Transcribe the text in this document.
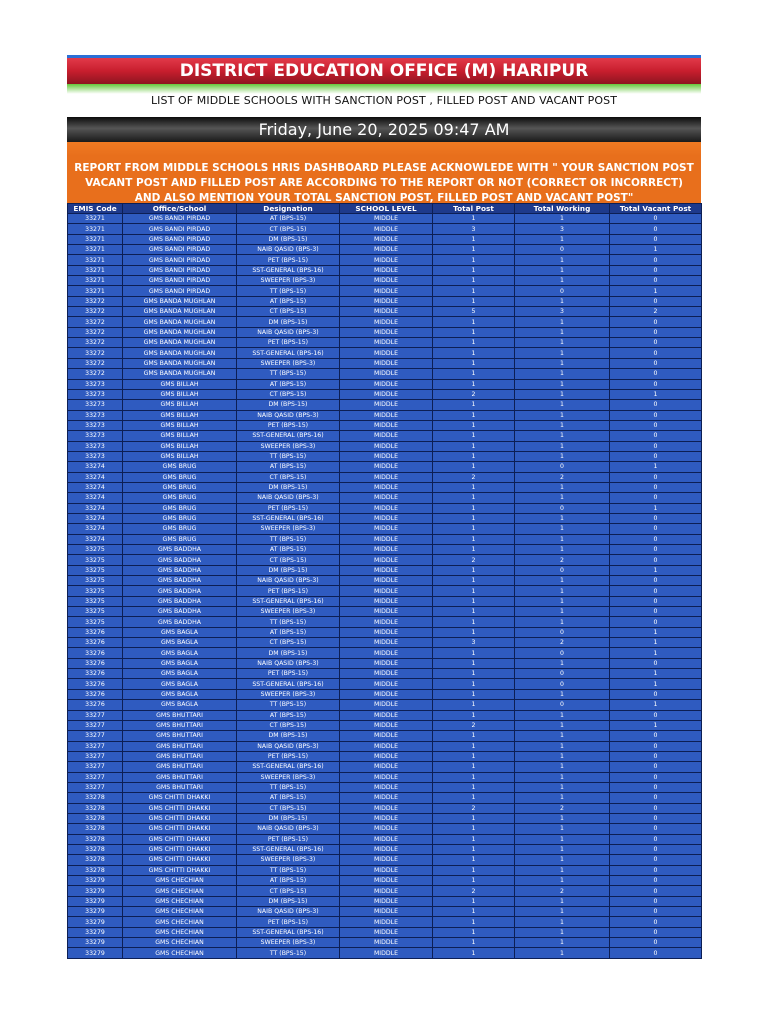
DISTRICT EDUCATION OFFICE (M) HARIPUR
LIST OF MIDDLE SCHOOLS WITH SANCTION POST , FILLED POST AND VACANT POST
Friday, June 20, 2025 09:47 AM
REPORT FROM MIDDLE SCHOOLS HRIS DASHBOARD PLEASE ACKNOWLEDE WITH " YOUR SANCTION POST VACANT POST AND FILLED POST ARE ACCORDING TO THE REPORT OR NOT (CORRECT OR INCORRECT) AND ALSO MENTION YOUR TOTAL SANCTION POST, FILLED POST AND VACANT POST"
EMIS Code	Office/School	Designation	SCHOOL LEVEL	Total Post	Total Working	Total Vacant Post
33271	GMS BANDI PIRDAD	AT (BPS-15)	MIDDLE	1	1	0
33271	GMS BANDI PIRDAD	CT (BPS-15)	MIDDLE	3	3	0
33271	GMS BANDI PIRDAD	DM (BPS-15)	MIDDLE	1	1	0
33271	GMS BANDI PIRDAD	NAIB QASID (BPS-3)	MIDDLE	1	0	1
33271	GMS BANDI PIRDAD	PET (BPS-15)	MIDDLE	1	1	0
33271	GMS BANDI PIRDAD	SST-GENERAL (BPS-16)	MIDDLE	1	1	0
33271	GMS BANDI PIRDAD	SWEEPER (BPS-3)	MIDDLE	1	1	0
33271	GMS BANDI PIRDAD	TT (BPS-15)	MIDDLE	1	0	1
33272	GMS BANDA MUGHLAN	AT (BPS-15)	MIDDLE	1	1	0
33272	GMS BANDA MUGHLAN	CT (BPS-15)	MIDDLE	5	3	2
33272	GMS BANDA MUGHLAN	DM (BPS-15)	MIDDLE	1	1	0
33272	GMS BANDA MUGHLAN	NAIB QASID (BPS-3)	MIDDLE	1	1	0
33272	GMS BANDA MUGHLAN	PET (BPS-15)	MIDDLE	1	1	0
33272	GMS BANDA MUGHLAN	SST-GENERAL (BPS-16)	MIDDLE	1	1	0
33272	GMS BANDA MUGHLAN	SWEEPER (BPS-3)	MIDDLE	1	1	0
33272	GMS BANDA MUGHLAN	TT (BPS-15)	MIDDLE	1	1	0
33273	GMS BILLAH	AT (BPS-15)	MIDDLE	1	1	0
33273	GMS BILLAH	CT (BPS-15)	MIDDLE	2	1	1
33273	GMS BILLAH	DM (BPS-15)	MIDDLE	1	1	0
33273	GMS BILLAH	NAIB QASID (BPS-3)	MIDDLE	1	1	0
33273	GMS BILLAH	PET (BPS-15)	MIDDLE	1	1	0
33273	GMS BILLAH	SST-GENERAL (BPS-16)	MIDDLE	1	1	0
33273	GMS BILLAH	SWEEPER (BPS-3)	MIDDLE	1	1	0
33273	GMS BILLAH	TT (BPS-15)	MIDDLE	1	1	0
33274	GMS BRUG	AT (BPS-15)	MIDDLE	1	0	1
33274	GMS BRUG	CT (BPS-15)	MIDDLE	2	2	0
33274	GMS BRUG	DM (BPS-15)	MIDDLE	1	1	0
33274	GMS BRUG	NAIB QASID (BPS-3)	MIDDLE	1	1	0
33274	GMS BRUG	PET (BPS-15)	MIDDLE	1	0	1
33274	GMS BRUG	SST-GENERAL (BPS-16)	MIDDLE	1	1	0
33274	GMS BRUG	SWEEPER (BPS-3)	MIDDLE	1	1	0
33274	GMS BRUG	TT (BPS-15)	MIDDLE	1	1	0
33275	GMS BADDHA	AT (BPS-15)	MIDDLE	1	1	0
33275	GMS BADDHA	CT (BPS-15)	MIDDLE	2	2	0
33275	GMS BADDHA	DM (BPS-15)	MIDDLE	1	0	1
33275	GMS BADDHA	NAIB QASID (BPS-3)	MIDDLE	1	1	0
33275	GMS BADDHA	PET (BPS-15)	MIDDLE	1	1	0
33275	GMS BADDHA	SST-GENERAL (BPS-16)	MIDDLE	1	1	0
33275	GMS BADDHA	SWEEPER (BPS-3)	MIDDLE	1	1	0
33275	GMS BADDHA	TT (BPS-15)	MIDDLE	1	1	0
33276	GMS BAGLA	AT (BPS-15)	MIDDLE	1	0	1
33276	GMS BAGLA	CT (BPS-15)	MIDDLE	3	2	1
33276	GMS BAGLA	DM (BPS-15)	MIDDLE	1	0	1
33276	GMS BAGLA	NAIB QASID (BPS-3)	MIDDLE	1	1	0
33276	GMS BAGLA	PET (BPS-15)	MIDDLE	1	0	1
33276	GMS BAGLA	SST-GENERAL (BPS-16)	MIDDLE	1	0	1
33276	GMS BAGLA	SWEEPER (BPS-3)	MIDDLE	1	1	0
33276	GMS BAGLA	TT (BPS-15)	MIDDLE	1	0	1
33277	GMS BHUTTARI	AT (BPS-15)	MIDDLE	1	1	0
33277	GMS BHUTTARI	CT (BPS-15)	MIDDLE	2	1	1
33277	GMS BHUTTARI	DM (BPS-15)	MIDDLE	1	1	0
33277	GMS BHUTTARI	NAIB QASID (BPS-3)	MIDDLE	1	1	0
33277	GMS BHUTTARI	PET (BPS-15)	MIDDLE	1	1	0
33277	GMS BHUTTARI	SST-GENERAL (BPS-16)	MIDDLE	1	1	0
33277	GMS BHUTTARI	SWEEPER (BPS-3)	MIDDLE	1	1	0
33277	GMS BHUTTARI	TT (BPS-15)	MIDDLE	1	1	0
33278	GMS CHITTI DHAKKI	AT (BPS-15)	MIDDLE	1	1	0
33278	GMS CHITTI DHAKKI	CT (BPS-15)	MIDDLE	2	2	0
33278	GMS CHITTI DHAKKI	DM (BPS-15)	MIDDLE	1	1	0
33278	GMS CHITTI DHAKKI	NAIB QASID (BPS-3)	MIDDLE	1	1	0
33278	GMS CHITTI DHAKKI	PET (BPS-15)	MIDDLE	1	1	0
33278	GMS CHITTI DHAKKI	SST-GENERAL (BPS-16)	MIDDLE	1	1	0
33278	GMS CHITTI DHAKKI	SWEEPER (BPS-3)	MIDDLE	1	1	0
33278	GMS CHITTI DHAKKI	TT (BPS-15)	MIDDLE	1	1	0
33279	GMS CHECHIAN	AT (BPS-15)	MIDDLE	1	1	0
33279	GMS CHECHIAN	CT (BPS-15)	MIDDLE	2	2	0
33279	GMS CHECHIAN	DM (BPS-15)	MIDDLE	1	1	0
33279	GMS CHECHIAN	NAIB QASID (BPS-3)	MIDDLE	1	1	0
33279	GMS CHECHIAN	PET (BPS-15)	MIDDLE	1	1	0
33279	GMS CHECHIAN	SST-GENERAL (BPS-16)	MIDDLE	1	1	0
33279	GMS CHECHIAN	SWEEPER (BPS-3)	MIDDLE	1	1	0
33279	GMS CHECHIAN	TT (BPS-15)	MIDDLE	1	1	0
